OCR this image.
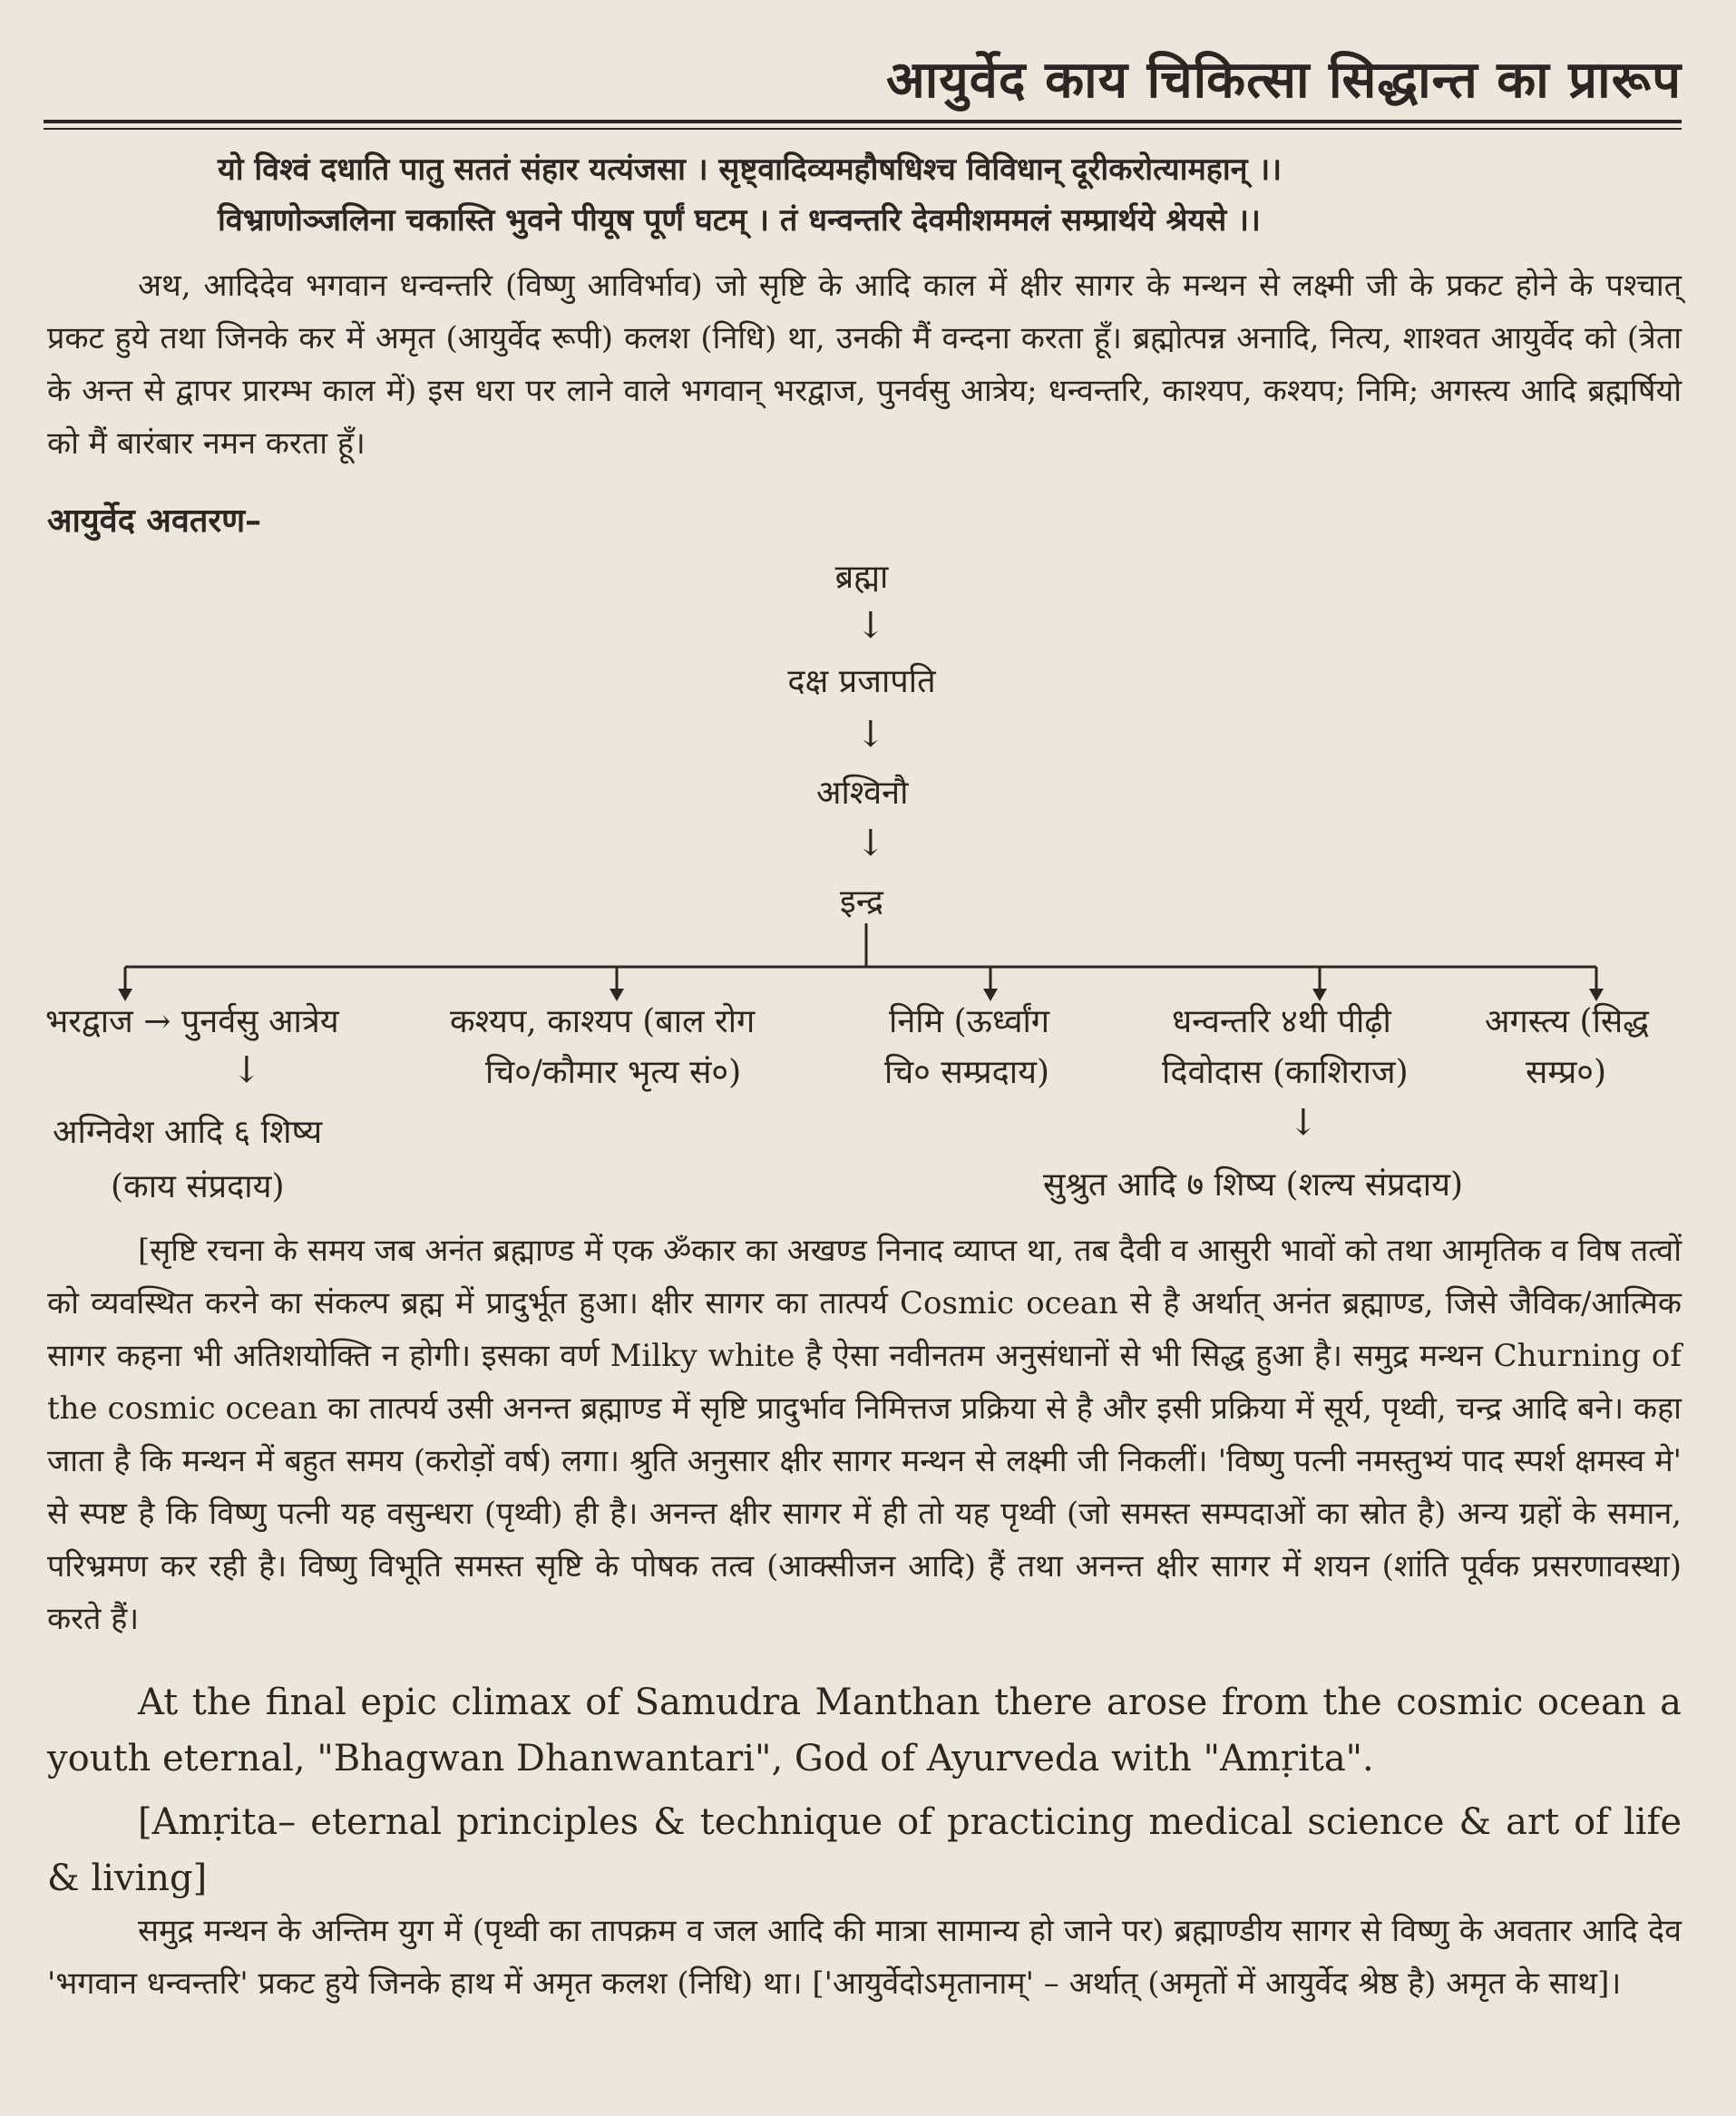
आयुर्वेद काय चिकित्सा सिद्धान्त का प्रारूप
यो विश्वं दधाति पातु सततं संहार यत्यंजसा । सृष्ट्वादिव्यमहौषधिश्च विविधान् दूरीकरोत्यामहान् ।।
विभ्राणोञ्जलिना चकास्ति भुवने पीयूष पूर्णं घटम् । तं धन्वन्तरि देवमीशममलं सम्प्रार्थये श्रेयसे ।।
अथ, आदिदेव भगवान धन्वन्तरि (विष्णु आविर्भाव) जो सृष्टि के आदि काल में क्षीर सागर के मन्थन से लक्ष्मी जी के प्रकट होने के पश्चात् प्रकट हुये तथा जिनके कर में अमृत (आयुर्वेद रूपी) कलश (निधि) था, उनकी मैं वन्दना करता हूँ। ब्रह्मोत्पन्न अनादि, नित्य, शाश्वत आयुर्वेद को (त्रेता के अन्त से द्वापर प्रारम्भ काल में) इस धरा पर लाने वाले भगवान् भरद्वाज, पुनर्वसु आत्रेय; धन्वन्तरि, काश्यप, कश्यप; निमि; अगस्त्य आदि ब्रह्मर्षियो को मैं बारंबार नमन करता हूँ।
आयुर्वेद अवतरण–
ब्रह्मा
↓
दक्ष प्रजापति
↓
अश्विनौ
↓
इन्द्र
भरद्वाज → पुनर्वसु आत्रेय
↓
अग्निवेश आदि ६ शिष्य
(काय संप्रदाय)
कश्यप, काश्यप (बाल रोग
चि०/कौमार भृत्य सं०)
निमि (ऊर्ध्वांग
चि० सम्प्रदाय)
धन्वन्तरि ४थी पीढ़ी
दिवोदास (काशिराज)
↓
सुश्रुत आदि ७ शिष्य (शल्य संप्रदाय)
अगस्त्य (सिद्ध
सम्प्र०)
[सृष्टि रचना के समय जब अनंत ब्रह्माण्ड में एक ॐकार का अखण्ड निनाद व्याप्त था, तब दैवी व आसुरी भावों को तथा आमृतिक व विष तत्वों को व्यवस्थित करने का संकल्प ब्रह्म में प्रादुर्भूत हुआ। क्षीर सागर का तात्पर्य Cosmic ocean से है अर्थात् अनंत ब्रह्माण्ड, जिसे जैविक/आत्मिक सागर कहना भी अतिशयोक्ति न होगी। इसका वर्ण Milky white है ऐसा नवीनतम अनुसंधानों से भी सिद्ध हुआ है। समुद्र मन्थन Churning of the cosmic ocean का तात्पर्य उसी अनन्त ब्रह्माण्ड में सृष्टि प्रादुर्भाव निमित्तज प्रक्रिया से है और इसी प्रक्रिया में सूर्य, पृथ्वी, चन्द्र आदि बने। कहा जाता है कि मन्थन में बहुत समय (करोड़ों वर्ष) लगा। श्रुति अनुसार क्षीर सागर मन्थन से लक्ष्मी जी निकलीं। 'विष्णु पत्नी नमस्तुभ्यं पाद स्पर्श क्षमस्व मे' से स्पष्ट है कि विष्णु पत्नी यह वसुन्धरा (पृथ्वी) ही है। अनन्त क्षीर सागर में ही तो यह पृथ्वी (जो समस्त सम्पदाओं का स्रोत है) अन्य ग्रहों के समान, परिभ्रमण कर रही है। विष्णु विभूति समस्त सृष्टि के पोषक तत्व (आक्सीजन आदि) हैं तथा अनन्त क्षीर सागर में शयन (शांति पूर्वक प्रसरणावस्था) करते हैं।
At the final epic climax of Samudra Manthan there arose from the cosmic ocean a youth eternal, "Bhagwan Dhanwantari", God of Ayurveda with "Amṛita".
[Amṛita– eternal principles & technique of practicing medical science & art of life & living]
समुद्र मन्थन के अन्तिम युग में (पृथ्वी का तापक्रम व जल आदि की मात्रा सामान्य हो जाने पर) ब्रह्माण्डीय सागर से विष्णु के अवतार आदि देव 'भगवान धन्वन्तरि' प्रकट हुये जिनके हाथ में अमृत कलश (निधि) था। ['आयुर्वेदोऽमृतानाम्' – अर्थात् (अमृतों में आयुर्वेद श्रेष्ठ है) अमृत के साथ]।
